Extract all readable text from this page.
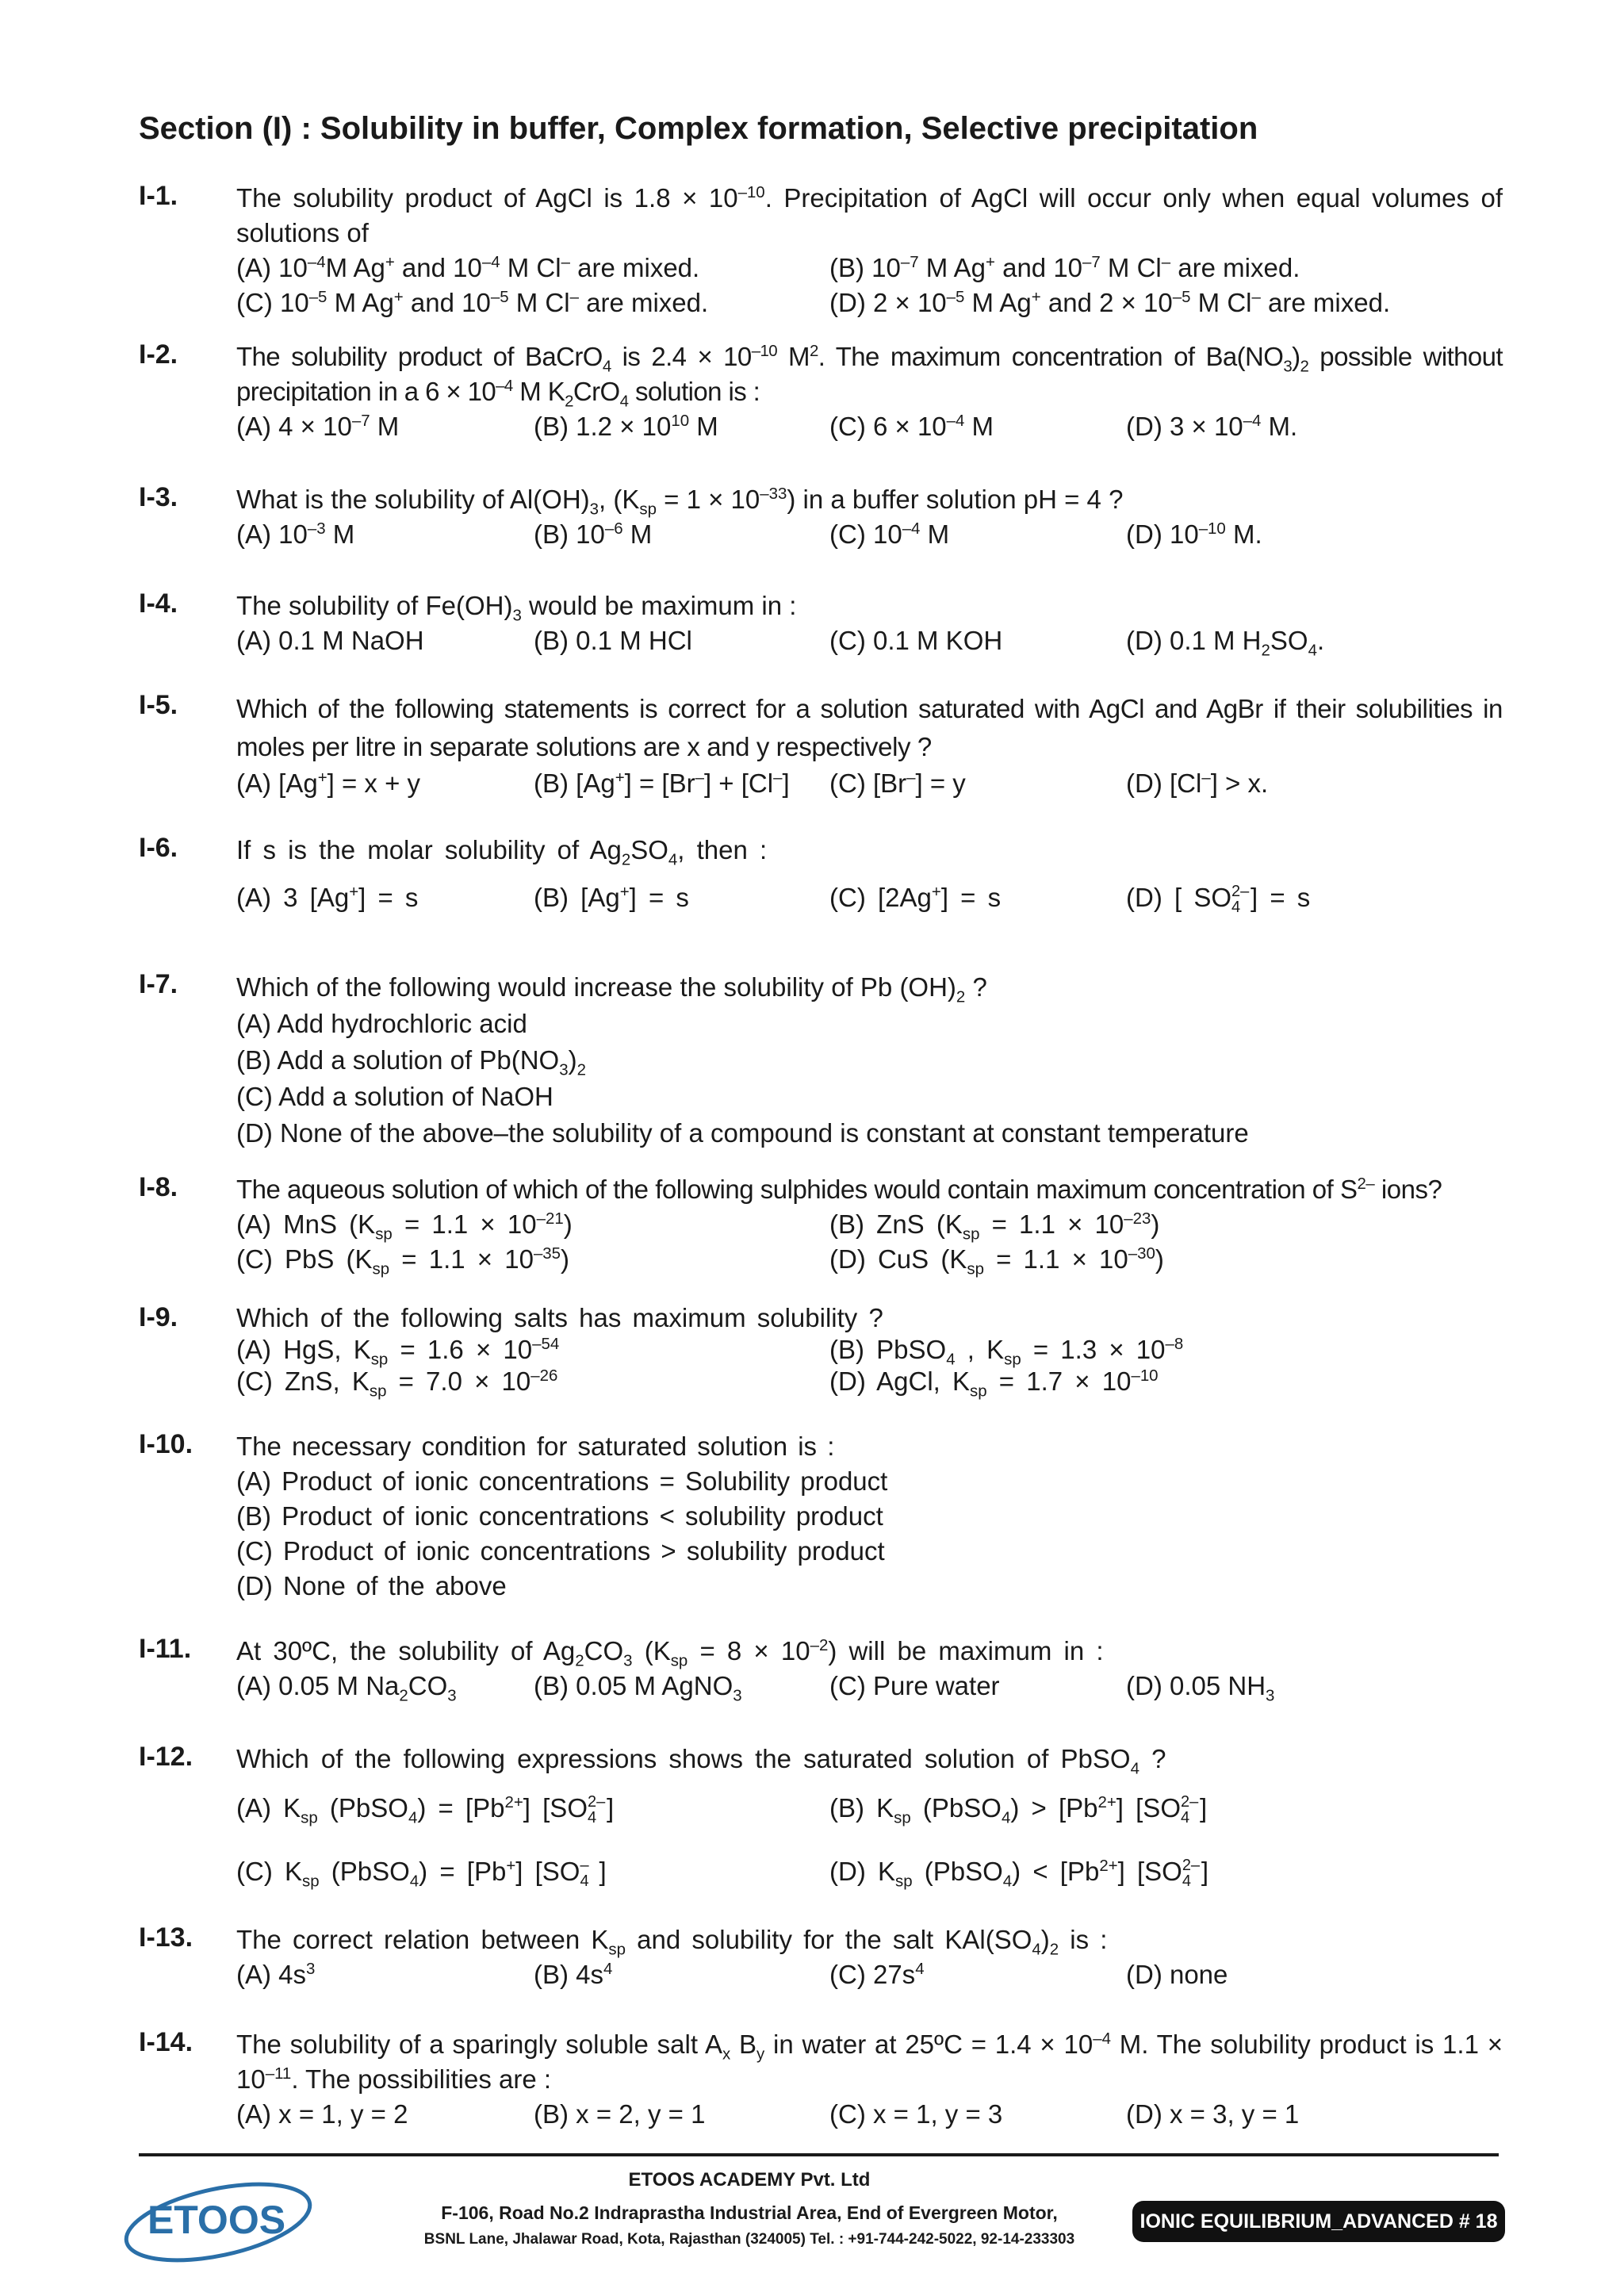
Section (I) : Solubility in buffer, Complex formation, Selective precipitation
I-1. The solubility product of AgCl is $1.8 \times 10^{-10}$. Precipitation of AgCl will occur only when equal volumes of solutions of
(A) $10^{-4}M$ Ag+ and $10^{-4}$ M Cl– are mixed.	(B) $10^{-7}$ M Ag+ and $10^{-7}$ M Cl– are mixed.
(C) $10^{-5}$ M Ag+ and $10^{-5}$ M Cl– are mixed.	(D) $2 \times 10^{-5}$ M Ag+ and $2 \times 10^{-5}$ M Cl– are mixed.
I-2. The solubility product of BaCrO$_4$ is $2.4 \times 10^{-10}$ $M^2$. The maximum concentration of $Ba(NO_3)_2$ possible without precipitation in a $6 \times 10^{-4}$ M $K_2CrO_4$ solution is :
(A) $4 \times 10^{-7}$ M	(B) $1.2 \times 10^{10}$ M	(C) $6 \times 10^{-4}$ M	(D) $3 \times 10^{-4}$ M.
I-3. What is the solubility of $Al(OH)_3$, $(K_{sp} = 1 \times 10^{-33})$ in a buffer solution pH = 4 ?
(A) $10^{-3}$ M	(B) $10^{-6}$ M	(C) $10^{-4}$ M	(D) $10^{-10}$ M.
I-4. The solubility of $Fe(OH)_3$ would be maximum in :
(A) 0.1 M NaOH	(B) 0.1 M HCl	(C) 0.1 M KOH	(D) 0.1 M $H_2SO_4$.
I-5. Which of the following statements is correct for a solution saturated with AgCl and AgBr if their solubilities in moles per litre in separate solutions are x and y respectively ?
(A) [Ag+] = x + y	(B) [Ag+] = [Br–] + [Cl–] (C) [Br–] = y	(D) [Cl–] > x.
I-6. If s is the molar solubility of $Ag_2SO_4$, then :
(A) 3 [Ag+] = s	(B) [Ag+] = s	(C) [2Ag+] = s	(D) [ SO 2–
4 ] = s
I-7. Which of the following would increase the solubility of Pb $(OH)_2$ ?
(A) Add hydrochloric acid
(B) Add a solution of $Pb(NO_3)_2$
(C) Add a solution of NaOH
(D) None of the above–the solubility of a compound is constant at constant temperature
I-8. The aqueous solution of which of the following sulphides would contain maximum concentration of $S^{2-}$ ions?
(A) MnS $(K_{sp} = 1.1 \times 10^{-21})$	(B) ZnS $(K_{sp} = 1.1 \times 10^{-23})$
(C) PbS $(K_{sp} = 1.1 \times 10^{-35})$	(D) CuS $(K_{sp} = 1.1 \times 10^{-30})$
I-9. Which of the following salts has maximum solubility ?
(A) HgS, $K_{sp} = 1.6 \times 10^{-54}$	(B) PbSO$_4$ , $K_{sp} = 1.3 \times 10^{-8}$
(C) ZnS, $K_{sp} = 7.0 \times 10^{-26}$	(D) AgCl, $K_{sp} = 1.7 \times 10^{-10}$
I-10. The necessary condition for saturated solution is :
(A) Product of ionic concentrations = Solubility product
(B) Product of ionic concentrations < solubility product
(C) Product of ionic concentrations > solubility product
(D) None of the above
I-11. At 30ºC, the solubility of $Ag_2CO_3$ $(K_{sp} = 8 \times 10^{-2})$ will be maximum in :
(A) 0.05 M $Na_2CO_3$	(B) 0.05 M AgNO$_3$	(C) Pure water	(D) 0.05 $NH_3$
I-12. Which of the following expressions shows the saturated solution of PbSO$_4$ ?
(A) $K_{sp}$ (PbSO$_4$) = $[Pb^{2+}]$ [SO 2–
4 ]	(B) $K_{sp}$ (PbSO$_4$) > $[Pb^{2+}]$ [SO 2–
4 ]
(C) $K_{sp}$ (PbSO$_4$) = [Pb+] [SO –
4 ]	(D) $K_{sp}$ (PbSO$_4$) < $[Pb^{2+}]$ [SO 2–
4 ]
I-13. The correct relation between $K_{sp}$ and solubility for the salt $KAl(SO_4)_2$ is :
(A) $4s^3$	(B) $4s^4$	(C) $27s^4$	(D) none
I-14. The solubility of a sparingly soluble salt $A_x$ $B_y$ in water at 25ºC = $1.4 \times 10^{-4}$ M. The solubility product is $1.1 \times 10^{-11}$. The possibilities are :
(A) x = 1, y = 2	(B) x = 2, y = 1	(C) x = 1, y = 3	(D) x = 3, y = 1
ETOOS
ETOOS ACADEMY Pvt. Ltd
F-106, Road No.2 Indraprastha Industrial Area, End of Evergreen Motor,
BSNL Lane, Jhalawar Road, Kota, Rajasthan (324005) Tel. : +91-744-242-5022, 92-14-233303
IONIC EQUILIBRIUM_ADVANCED # 18
